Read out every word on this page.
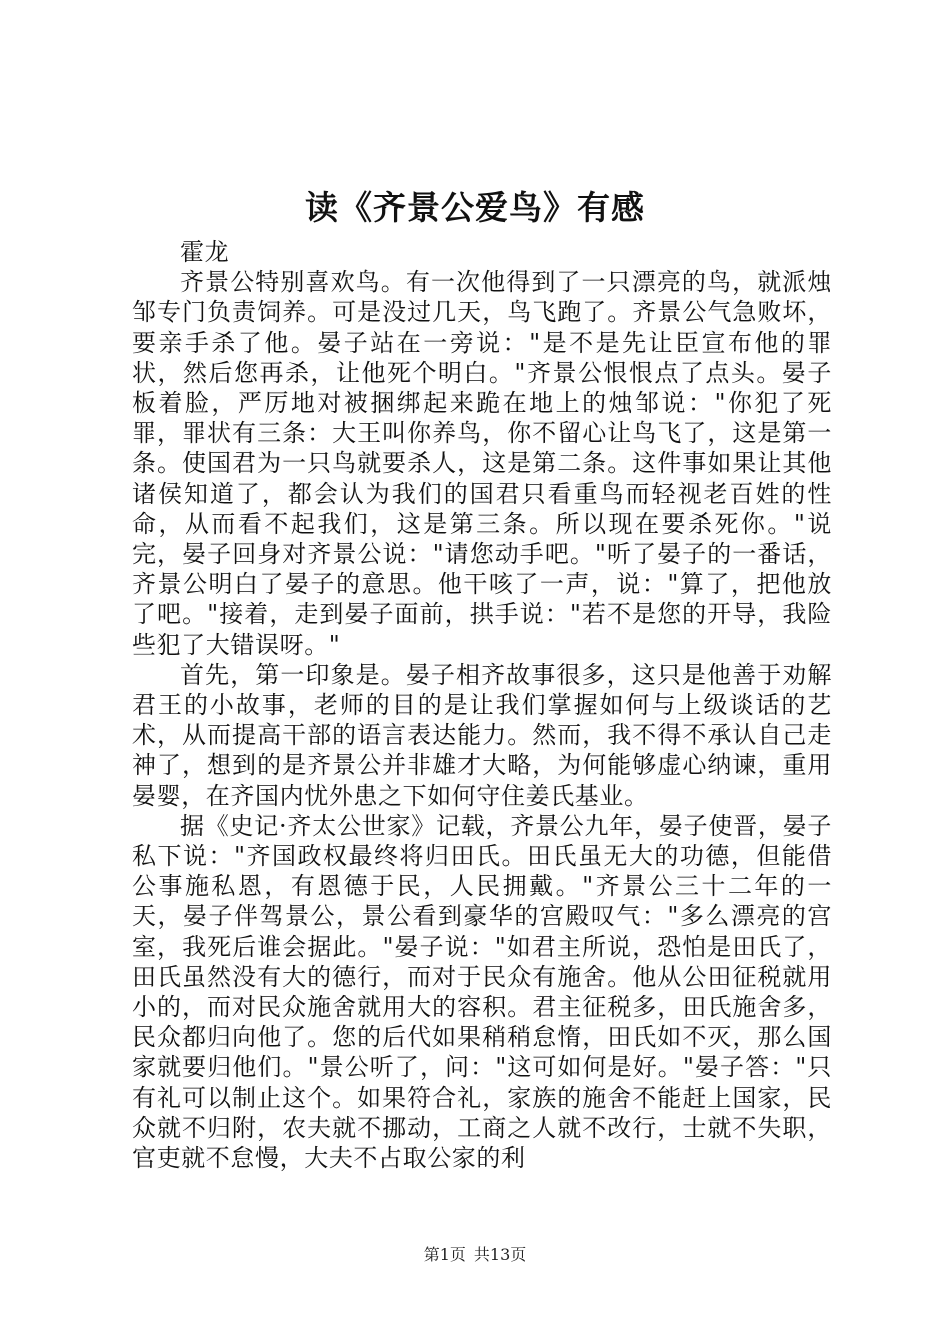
读《齐景公爱鸟》有感
霍龙

齐景公特别喜欢鸟。有一次他得到了一只漂亮的鸟，就派烛邹专门负责饲养。可是没过几天，鸟飞跑了。齐景公气急败坏，要亲手杀了他。晏子站在一旁说："是不是先让臣宣布他的罪状，然后您再杀，让他死个明白。"齐景公恨恨点了点头。晏子板着脸，严厉地对被捆绑起来跪在地上的烛邹说："你犯了死罪，罪状有三条：大王叫你养鸟，你不留心让鸟飞了，这是第一条。使国君为一只鸟就要杀人，这是第二条。这件事如果让其他诸侯知道了，都会认为我们的国君只看重鸟而轻视老百姓的性命，从而看不起我们，这是第三条。所以现在要杀死你。"说完，晏子回身对齐景公说："请您动手吧。"听了晏子的一番话，齐景公明白了晏子的意思。他干咳了一声，说："算了，把他放了吧。"接着，走到晏子面前，拱手说："若不是您的开导，我险些犯了大错误呀。"

首先，第一印象是。晏子相齐故事很多，这只是他善于劝解君王的小故事，老师的目的是让我们掌握如何与上级谈话的艺术，从而提高干部的语言表达能力。然而，我不得不承认自己走神了，想到的是齐景公并非雄才大略，为何能够虚心纳谏，重用晏婴，在齐国内忧外患之下如何守住姜氏基业。

据《史记·齐太公世家》记载，齐景公九年，晏子使晋，晏子私下说："齐国政权最终将归田氏。田氏虽无大的功德，但能借公事施私恩，有恩德于民，人民拥戴。"齐景公三十二年的一天，晏子伴驾景公，景公看到豪华的宫殿叹气："多么漂亮的宫室，我死后谁会据此。"晏子说："如君主所说，恐怕是田氏了，田氏虽然没有大的德行，而对于民众有施舍。他从公田征税就用小的，而对民众施舍就用大的容积。君主征税多，田氏施舍多，民众都归向他了。您的后代如果稍稍怠惰，田氏如不灭，那么国家就要归他们。"景公听了，问："这可如何是好。"晏子答："只有礼可以制止这个。如果符合礼，家族的施舍不能赶上国家，民众就不归附，农夫就不挪动，工商之人就不改行，士就不失职，官吏就不怠慢，大夫不占取公家的利

第1页 共13页
